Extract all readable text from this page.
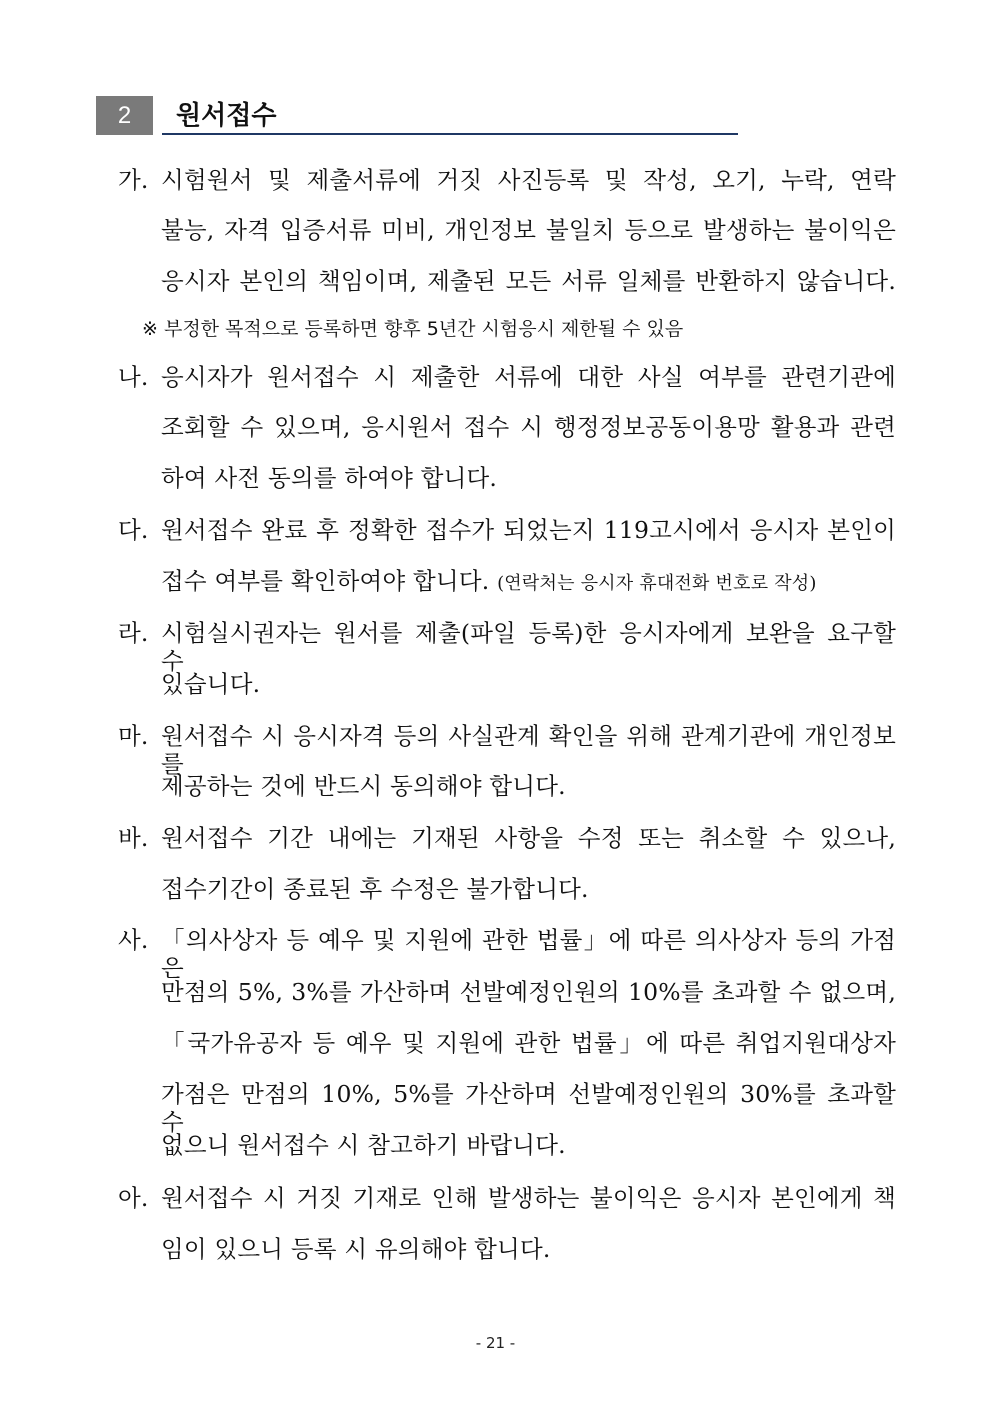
2	원서접수
가. 시험원서 및 제출서류에 거짓 사진등록 및 작성, 오기, 누락, 연락
불능, 자격 입증서류 미비, 개인정보 불일치 등으로 발생하는 불이익은
응시자 본인의 책임이며, 제출된 모든 서류 일체를 반환하지 않습니다.
※ 부정한 목적으로 등록하면 향후 5년간 시험응시 제한될 수 있음
나. 응시자가 원서접수 시 제출한 서류에 대한 사실 여부를 관련기관에
조회할 수 있으며, 응시원서 접수 시 행정정보공동이용망 활용과 관련
하여 사전 동의를 하여야 합니다.
다. 원서접수 완료 후 정확한 접수가 되었는지 119고시에서 응시자 본인이
접수 여부를 확인하여야 합니다. (연락처는 응시자 휴대전화 번호로 작성)
라. 시험실시권자는 원서를 제출(파일 등록)한 응시자에게 보완을 요구할 수
있습니다.
마. 원서접수 시 응시자격 등의 사실관계 확인을 위해 관계기관에 개인정보를
제공하는 것에 반드시 동의해야 합니다.
바. 원서접수 기간 내에는 기재된 사항을 수정 또는 취소할 수 있으나,
접수기간이 종료된 후 수정은 불가합니다.
사. 「의사상자 등 예우 및 지원에 관한 법률」에 따른 의사상자 등의 가점은
만점의 5%, 3%를 가산하며 선발예정인원의 10%를 초과할 수 없으며,
「국가유공자 등 예우 및 지원에 관한 법률」에 따른 취업지원대상자
가점은 만점의 10%, 5%를 가산하며 선발예정인원의 30%를 초과할 수
없으니 원서접수 시 참고하기 바랍니다.
아. 원서접수 시 거짓 기재로 인해 발생하는 불이익은 응시자 본인에게 책
임이 있으니 등록 시 유의해야 합니다.
- 21 -
